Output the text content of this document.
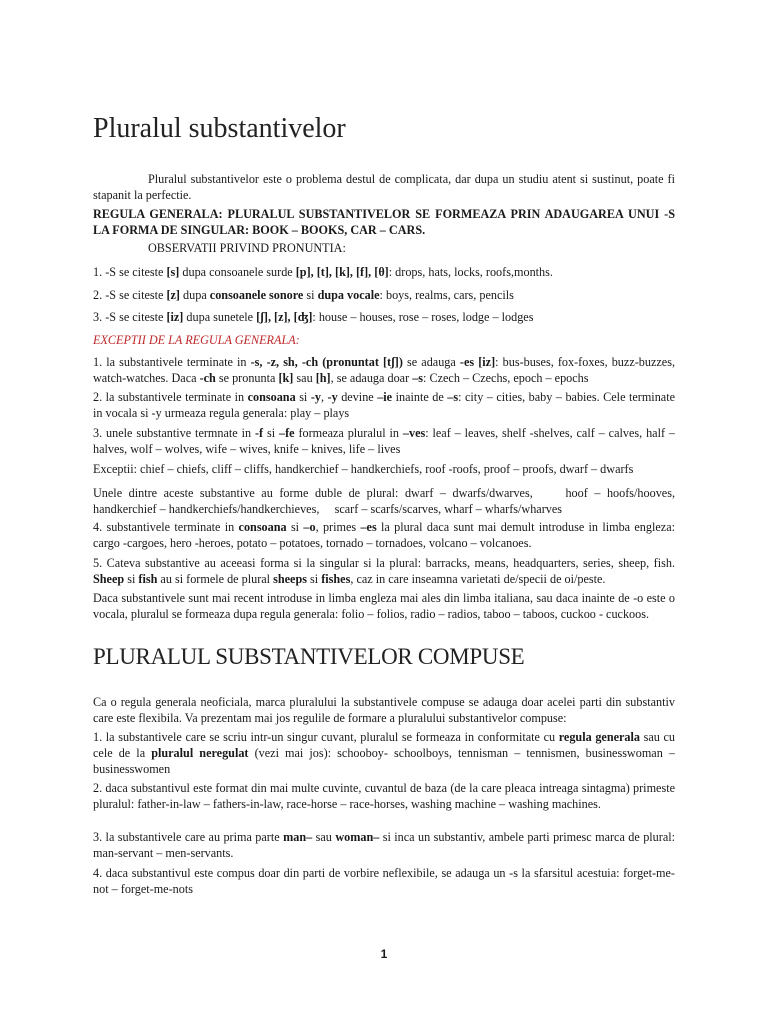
Pluralul substantivelor

Pluralul substantivelor este o problema destul de complicata, dar dupa un studiu atent si sustinut, poate fi stapanit la perfectie.

REGULA GENERALA: PLURALUL SUBSTANTIVELOR SE FORMEAZA PRIN ADAUGAREA UNUI -S LA FORMA DE SINGULAR: BOOK – BOOKS, CAR – CARS.

OBSERVATII PRIVIND PRONUNTIA:

1. -S se citeste [s] dupa consoanele surde [p], [t], [k], [f], [θ]: drops, hats, locks, roofs,months.

2. -S se citeste [z] dupa consoanele sonore si dupa vocale: boys, realms, cars, pencils

3. -S se citeste [iz] dupa sunetele [ʃ], [z], [ʤ]: house – houses, rose – roses, lodge – lodges

EXCEPTII DE LA REGULA GENERALA:

1. la substantivele terminate in -s, -z, sh, -ch (pronuntat [tʃ]) se adauga -es [iz]: bus-buses, fox-foxes, buzz-buzzes, watch-watches. Daca -ch se pronunta [k] sau [h], se adauga doar –s: Czech – Czechs, epoch – epochs

2. la substantivele terminate in consoana si -y, -y devine –ie inainte de –s: city – cities, baby – babies. Cele terminate in vocala si -y urmeaza regula generala: play – plays

3. unele substantive termnate in -f si –fe formeaza pluralul in –ves: leaf – leaves, shelf -shelves, calf – calves, half – halves, wolf – wolves, wife – wives, knife – knives, life – lives

Exceptii: chief – chiefs, cliff – cliffs, handkerchief – handkerchiefs, roof -roofs, proof – proofs, dwarf – dwarfs

Unele dintre aceste substantive au forme duble de plural: dwarf – dwarfs/dwarves,     hoof – hoofs/hooves, handkerchief – handkerchiefs/handkerchieves,     scarf – scarfs/scarves, wharf – wharfs/wharves

4. substantivele terminate in consoana si –o, primes –es la plural daca sunt mai demult introduse in limba engleza: cargo -cargoes, hero -heroes, potato – potatoes, tornado – tornadoes, volcano – volcanoes.

5. Cateva substantive au aceeasi forma si la singular si la plural: barracks, means, headquarters, series, sheep, fish. Sheep si fish au si formele de plural sheeps si fishes, caz in care inseamna varietati de/specii de oi/peste.

Daca substantivele sunt mai recent introduse in limba engleza mai ales din limba italiana, sau daca inainte de -o este o vocala, pluralul se formeaza dupa regula generala: folio – folios, radio – radios, taboo – taboos, cuckoo - cuckoos.

PLURALUL SUBSTANTIVELOR COMPUSE

Ca o regula generala neoficiala, marca pluralului la substantivele compuse se adauga doar acelei parti din substantiv care este flexibila. Va prezentam mai jos regulile de formare a pluralului substantivelor compuse:

1. la substantivele care se scriu intr-un singur cuvant, pluralul se formeaza in conformitate cu regula generala sau cu cele de la pluralul neregulat (vezi mai jos): schooboy- schoolboys, tennisman – tennismen, businesswoman – businesswomen

2. daca substantivul este format din mai multe cuvinte, cuvantul de baza (de la care pleaca intreaga sintagma) primeste pluralul: father-in-law – fathers-in-law, race-horse – race-horses, washing machine – washing machines.

3. la substantivele care au prima parte man– sau woman– si inca un substantiv, ambele parti primesc marca de plural: man-servant – men-servants.

4. daca substantivul este compus doar din parti de vorbire neflexibile, se adauga un -s la sfarsitul acestuia: forget-me-not – forget-me-nots

1
